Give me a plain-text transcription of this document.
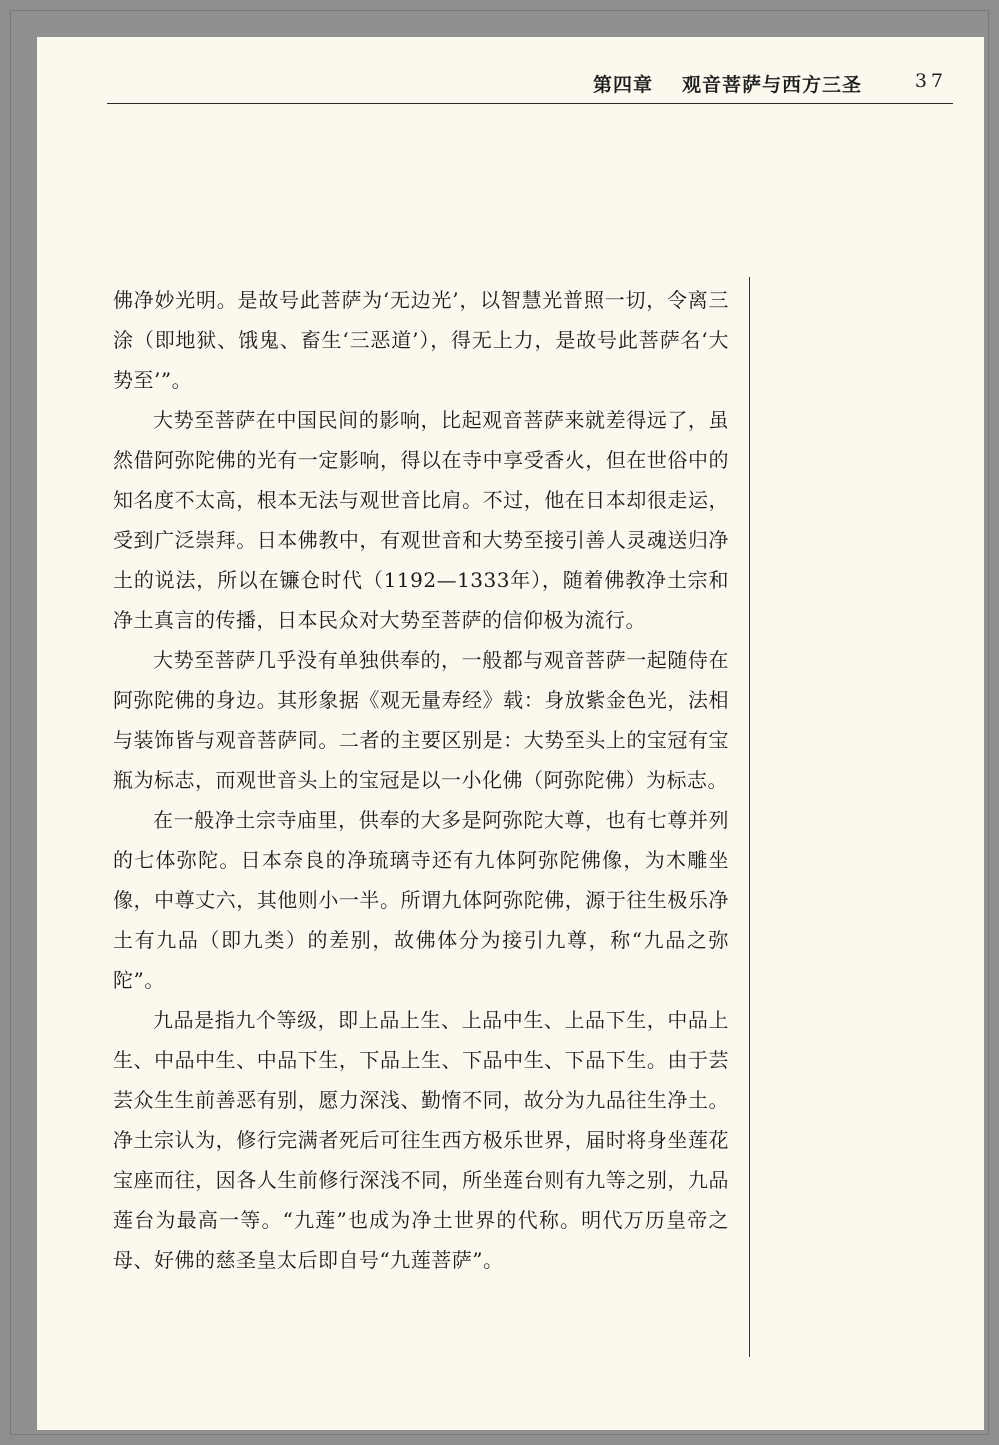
第四章 观音菩萨与西方三圣	37

佛净妙光明。是故号此菩萨为‘无边光’，以智慧光普照一切，令离三涂（即地狱、饿鬼、畜生‘三恶道’），得无上力，是故号此菩萨名‘大势至’”。

大势至菩萨在中国民间的影响，比起观音菩萨来就差得远了，虽然借阿弥陀佛的光有一定影响，得以在寺中享受香火，但在世俗中的知名度不太高，根本无法与观世音比肩。不过，他在日本却很走运，受到广泛崇拜。日本佛教中，有观世音和大势至接引善人灵魂送归净土的说法，所以在镰仓时代（1192—1333年），随着佛教净土宗和净土真言的传播，日本民众对大势至菩萨的信仰极为流行。

大势至菩萨几乎没有单独供奉的，一般都与观音菩萨一起随侍在阿弥陀佛的身边。其形象据《观无量寿经》载：身放紫金色光，法相与装饰皆与观音菩萨同。二者的主要区别是：大势至头上的宝冠有宝瓶为标志，而观世音头上的宝冠是以一小化佛（阿弥陀佛）为标志。

在一般净土宗寺庙里，供奉的大多是阿弥陀大尊，也有七尊并列的七体弥陀。日本奈良的净琉璃寺还有九体阿弥陀佛像，为木雕坐像，中尊丈六，其他则小一半。所谓九体阿弥陀佛，源于往生极乐净土有九品（即九类）的差别，故佛体分为接引九尊，称“九品之弥陀”。

九品是指九个等级，即上品上生、上品中生、上品下生，中品上生、中品中生、中品下生，下品上生、下品中生、下品下生。由于芸芸众生生前善恶有别，愿力深浅、勤惰不同，故分为九品往生净土。净土宗认为，修行完满者死后可往生西方极乐世界，届时将身坐莲花宝座而往，因各人生前修行深浅不同，所坐莲台则有九等之别，九品莲台为最高一等。“九莲”也成为净土世界的代称。明代万历皇帝之母、好佛的慈圣皇太后即自号“九莲菩萨”。
